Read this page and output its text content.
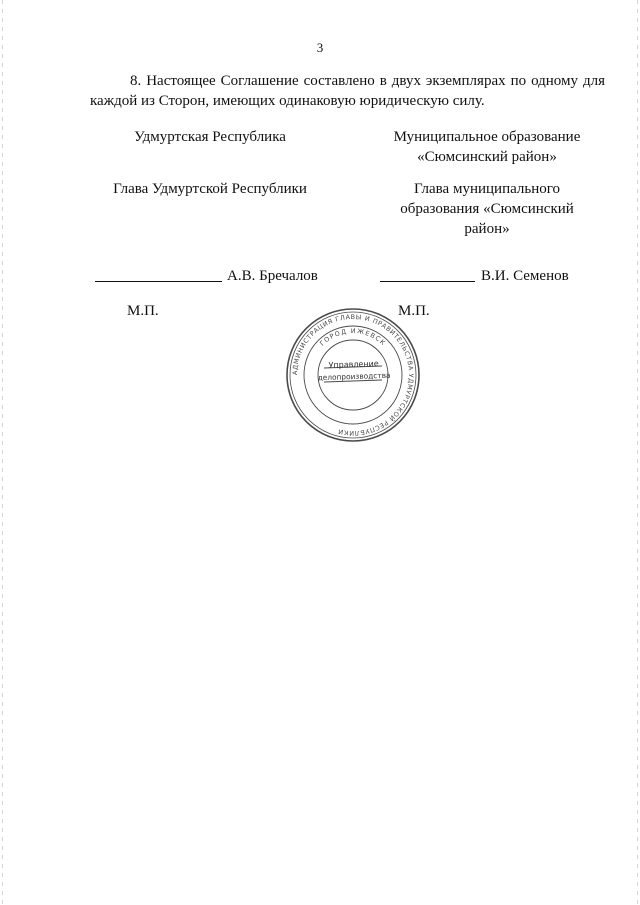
3

8. Настоящее Соглашение составлено в двух экземплярах по одному для каждой из Сторон, имеющих одинаковую юридическую силу.

Удмуртская Республика

Глава Удмуртской Республики

Муниципальное образование
«Сюмсинский район»
Глава муниципального
образования «Сюмсинский
район»
А.В. Бречалов	В.И. Семенов
М.П.	М.П.
АДМИНИСТРАЦИЯ ГЛАВЫ И ПРАВИТЕЛЬСТВА УДМУРТСКОЙ РЕСПУБЛИКИ
ГОРОД ИЖЕВСК
Управление
делопроизводства
